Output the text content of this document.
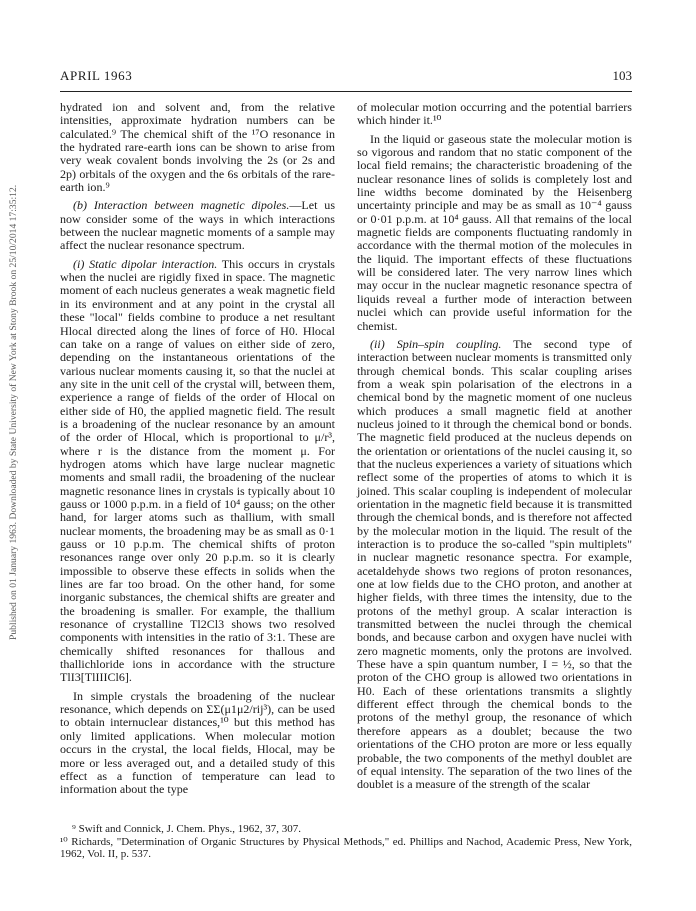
Published on 01 January 1963. Downloaded by State University of New York at Stony Brook on 25/10/2014 17:35:12.
APRIL 1963	103

hydrated ion and solvent and, from the relative intensities, approximate hydration numbers can be calculated.⁹ The chemical shift of the ¹⁷O resonance in the hydrated rare-earth ions can be shown to arise from very weak covalent bonds involving the 2s (or 2s and 2p) orbitals of the oxygen and the 6s orbitals of the rare-earth ion.⁹

(b) Interaction between magnetic dipoles.—Let us now consider some of the ways in which interactions between the nuclear magnetic moments of a sample may affect the nuclear resonance spectrum.

(i) Static dipolar interaction. This occurs in crystals when the nuclei are rigidly fixed in space. The magnetic moment of each nucleus generates a weak magnetic field in its environment and at any point in the crystal all these "local" fields combine to produce a net resultant Hlocal directed along the lines of force of H0. Hlocal can take on a range of values on either side of zero, depending on the instantaneous orientations of the various nuclear moments causing it, so that the nuclei at any site in the unit cell of the crystal will, between them, experience a range of fields of the order of Hlocal on either side of H0, the applied magnetic field. The result is a broadening of the nuclear resonance by an amount of the order of Hlocal, which is proportional to μ/r³, where r is the distance from the moment μ. For hydrogen atoms which have large nuclear magnetic moments and small radii, the broadening of the nuclear magnetic resonance lines in crystals is typically about 10 gauss or 1000 p.p.m. in a field of 10⁴ gauss; on the other hand, for larger atoms such as thallium, with small nuclear moments, the broadening may be as small as 0·1 gauss or 10 p.p.m. The chemical shifts of proton resonances range over only 20 p.p.m. so it is clearly impossible to observe these effects in solids when the lines are far too broad. On the other hand, for some inorganic substances, the chemical shifts are greater and the broadening is smaller. For example, the thallium resonance of crystalline Tl2Cl3 shows two resolved components with intensities in the ratio of 3:1. These are chemically shifted resonances for thallous and thallichloride ions in accordance with the structure TlI3[TlIIICl6].

In simple crystals the broadening of the nuclear resonance, which depends on ΣΣ(μ1μ2/rij³), can be used to obtain internuclear distances,¹⁰ but this method has only limited applications. When molecular motion occurs in the crystal, the local fields, Hlocal, may be more or less averaged out, and a detailed study of this effect as a function of temperature can lead to information about the type

of molecular motion occurring and the potential barriers which hinder it.¹⁰

In the liquid or gaseous state the molecular motion is so vigorous and random that no static component of the local field remains; the characteristic broadening of the nuclear resonance lines of solids is completely lost and line widths become dominated by the Heisenberg uncertainty principle and may be as small as 10⁻⁴ gauss or 0·01 p.p.m. at 10⁴ gauss. All that remains of the local magnetic fields are components fluctuating randomly in accordance with the thermal motion of the molecules in the liquid. The important effects of these fluctuations will be considered later. The very narrow lines which may occur in the nuclear magnetic resonance spectra of liquids reveal a further mode of interaction between nuclei which can provide useful information for the chemist.

(ii) Spin–spin coupling. The second type of interaction between nuclear moments is transmitted only through chemical bonds. This scalar coupling arises from a weak spin polarisation of the electrons in a chemical bond by the magnetic moment of one nucleus which produces a small magnetic field at another nucleus joined to it through the chemical bond or bonds. The magnetic field produced at the nucleus depends on the orientation or orientations of the nuclei causing it, so that the nucleus experiences a variety of situations which reflect some of the properties of atoms to which it is joined. This scalar coupling is independent of molecular orientation in the magnetic field because it is transmitted through the chemical bonds, and is therefore not affected by the molecular motion in the liquid. The result of the interaction is to produce the so-called "spin multiplets" in nuclear magnetic resonance spectra. For example, acetaldehyde shows two regions of proton resonances, one at low fields due to the CHO proton, and another at higher fields, with three times the intensity, due to the protons of the methyl group. A scalar interaction is transmitted between the nuclei through the chemical bonds, and because carbon and oxygen have nuclei with zero magnetic moments, only the protons are involved. These have a spin quantum number, I = ½, so that the proton of the CHO group is allowed two orientations in H0. Each of these orientations transmits a slightly different effect through the chemical bonds to the protons of the methyl group, the resonance of which therefore appears as a doublet; because the two orientations of the CHO proton are more or less equally probable, the two components of the methyl doublet are of equal intensity. The separation of the two lines of the doublet is a measure of the strength of the scalar

⁹ Swift and Connick, J. Chem. Phys., 1962, 37, 307.

¹⁰ Richards, "Determination of Organic Structures by Physical Methods," ed. Phillips and Nachod, Academic Press, New York, 1962, Vol. II, p. 537.
